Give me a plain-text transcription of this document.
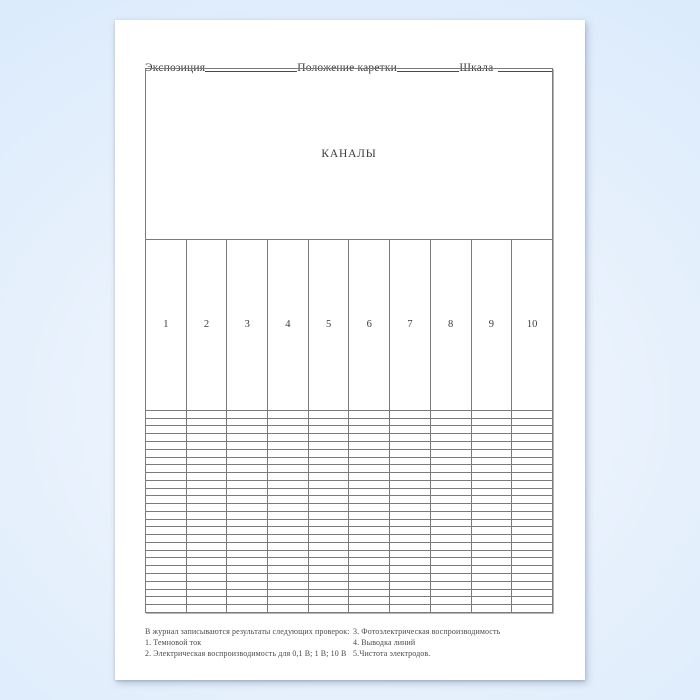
Экспозиция	Положение каретки	Шкала
КАНАЛЫ									
1	2	3	4	5	6	7	8	9	10

В журнал записываются результаты следующих проверок:
1. Темновой ток
2. Электрическая воспроизводимость для 0,1 В; 1 В; 10 В
3. Фотоэлектрическая воспроизводимость
4. Выводка линий
5.Чистота электродов.
